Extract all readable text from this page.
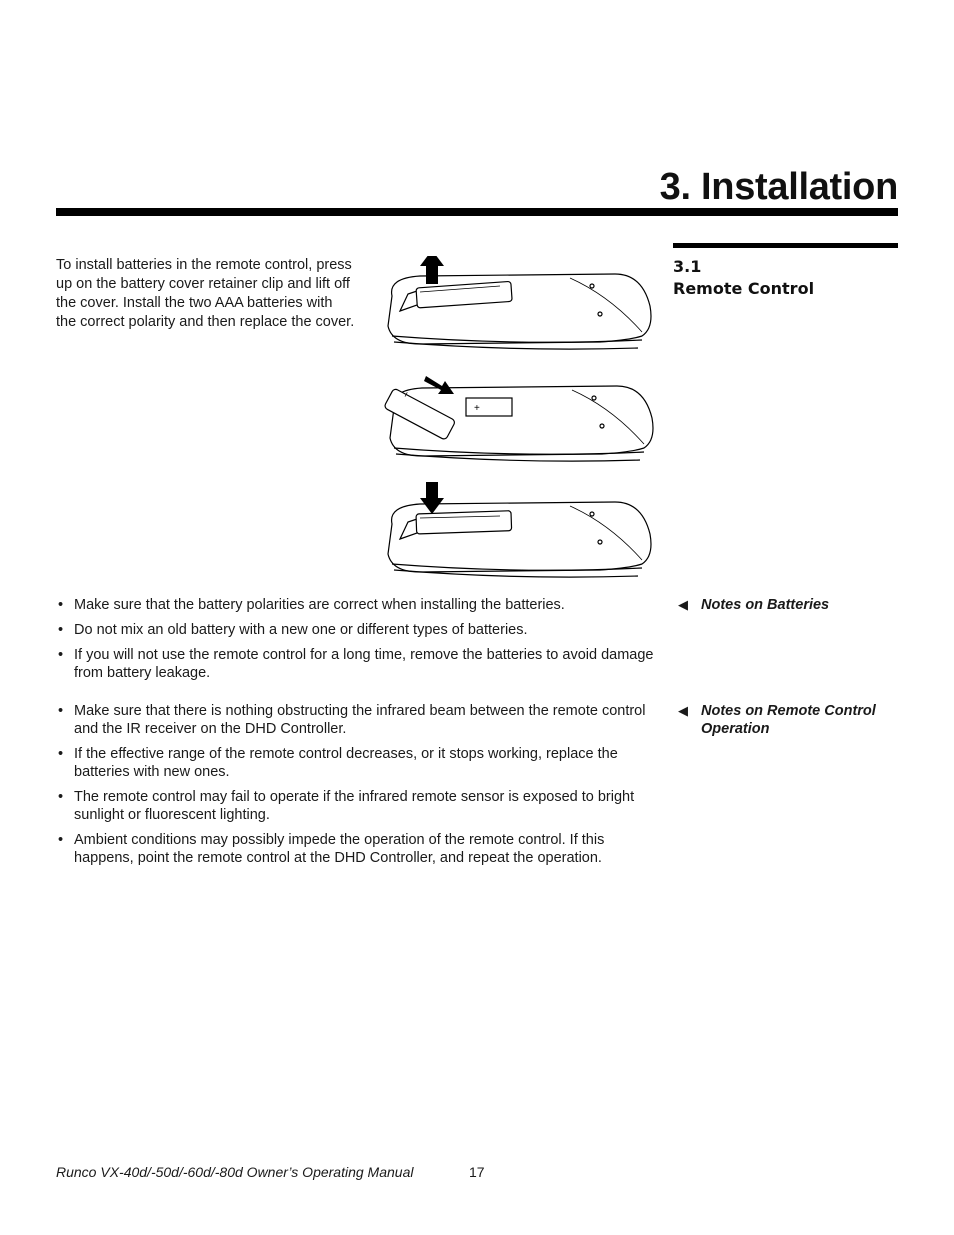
3. Installation
3.1
Remote Control

To install batteries in the remote control, press up on the battery cover retainer clip and lift off the cover. Install the two AAA batteries with the correct polarity and then replace the cover.

+
+
◀ Notes on Batteries
• Make sure that the battery polarities are correct when installing the batteries.
• Do not mix an old battery with a new one or different types of batteries.
• If you will not use the remote control for a long time, remove the batteries to avoid damage from battery leakage.
◀ Notes on Remote Control Operation
• Make sure that there is nothing obstructing the infrared beam between the remote control and the IR receiver on the DHD Controller.
• If the effective range of the remote control decreases, or it stops working, replace the batteries with new ones.
• The remote control may fail to operate if the infrared remote sensor is exposed to bright sunlight or fluorescent lighting.
• Ambient conditions may possibly impede the operation of the remote control. If this happens, point the remote control at the DHD Controller, and repeat the operation.
Runco VX-40d/-50d/-60d/-80d Owner’s Operating Manual	17
